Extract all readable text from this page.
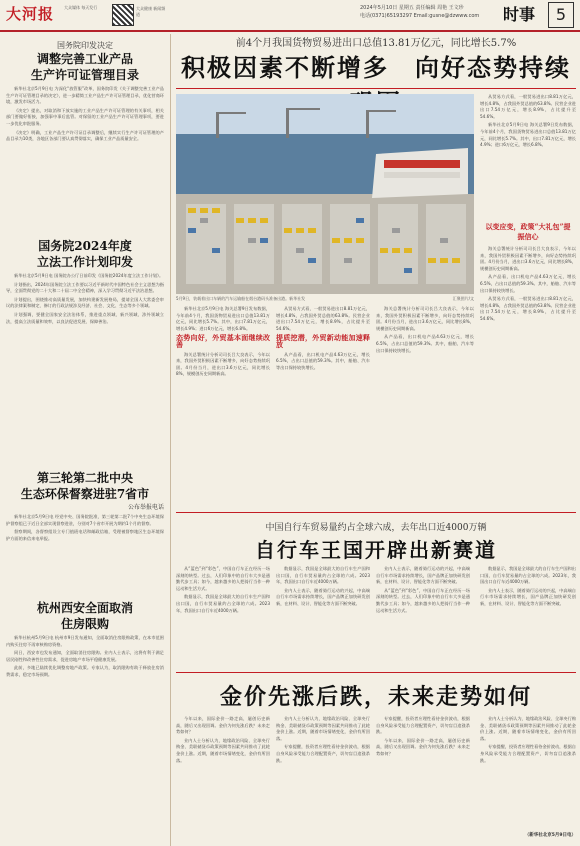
大河报	大众媒体 每天发行	大众健康 新闻频道
2024年5月10日 星期五 责任编辑 周艳 王文珍
电话(0371)65193297 Email:gusne@dzwww.com 时事	5
国务院印发决定
调整完善工业产品
生产许可证管理目录

新华社北京5月9日电 为深化“放管服”改革，国务院印发《关于调整完善工业产品生产许可证管理目录的决定》，进一步精简工业产品生产许可证管理目录，优化营商环境，激发市场活力。

《决定》提出，对取消和下放实施的工业产品生产许可证管理的有关事项，相关部门要做好衔接，加强事中事后监管。对保留的工业产品生产许可证管理事项，要进一步优化审批服务。

《决定》明确，工业产品生产许可证目录调整后，继续实行生产许可证管理的产品目录为10类，各地区各部门要认真贯彻落实，确保工业产品质量安全。

国务院2024年度
立法工作计划印发

新华社北京5月9日电 国务院办公厅日前印发《国务院2024年度立法工作计划》。

计划指出，2024年国务院立法工作要以习近平新时代中国特色社会主义思想为指导，全面贯彻党的二十大和二十届二中全会精神，深入学习贯彻习近平法治思想。

计划提出，围绕推动高质量发展，加快构建新发展格局，提请全国人大常委会审议的法律案和制定、修订的行政法规涉及经济、社会、文化、生态等多个领域。

计划强调，要健全国家安全法治体系，推进重点领域、新兴领域、涉外领域立法，提高立法质量和效率，以良法促进发展、保障善治。

第三轮第二批中央
生态环保督察进驻7省市
公布举报电话

新华社北京5月9日电 经党中央、国务院批准，第三轮第二批7个中央生态环境保护督察组已于近日全部实现督察进驻，分别对7个省市开展为期约1个月的督察。

督察期间，各督察组设立专门值班电话和邮政信箱，受理被督察地区生态环境保护方面的来信来电举报。

杭州西安全面取消
住房限购

新华社杭州5月9日电 杭州市9日发布通知，全面取消住房限购政策，在本市范围内购买住房不再审核购房资格。

同日，西安市也发布通知，全面取消住房限购。业内人士表示，这将有利于满足居民刚性和改善性住房需求，促进房地产市场平稳健康发展。

此前，多地已陆续优化调整房地产政策。专家认为，取消限购有助于释放住房消费需求，稳定市场预期。

前4个月我国货物贸易进出口总值13.81万亿元，同比增长5.7%
积极因素不断增多　向好态势持续
5月9日，装载着出口车辆的汽车运输船在烟台港码头准备出港。新华社发	汇聚图片/文

新华社北京5月9日电 海关总署9日发布数据，今年前4个月，我国货物贸易进出口总值13.81万亿元，同比增长5.7%。其中，出口7.81万亿元，增长4.9%；进口6万亿元，增长6.8%。

态势向好，外贸基本面继续改善

海关总署统计分析司司长吕大良表示，今年以来，我国外贸积极因素不断增多，向好态势持续巩固。4月份当月，进出口3.6万亿元，同比增长8%，规模创历史同期新高。

从贸易方式看，一般贸易进出口8.81万亿元，增长4.8%，占我国外贸总值的63.8%。民营企业进出口7.54万亿元，增长8.9%，占比提升至54.6%。

提质挖潜，外贸新动能加速释放

从产品看，出口机电产品4.63万亿元，增长6.5%，占出口总值的59.3%。其中，船舶、汽车等出口保持较快增长。

海关总署统计分析司司长吕大良表示，今年以来，我国外贸积极因素不断增多，向好态势持续巩固。4月份当月，进出口3.6万亿元，同比增长8%，规模创历史同期新高。

从产品看，出口机电产品4.63万亿元，增长6.5%，占出口总值的59.3%。其中，船舶、汽车等出口保持较快增长。

从贸易方式看，一般贸易进出口8.81万亿元，增长4.8%，占我国外贸总值的63.8%。民营企业进出口7.54万亿元，增长8.9%，占比提升至54.6%。

新华社北京5月9日电 海关总署9日发布数据，今年前4个月，我国货物贸易进出口总值13.81万亿元，同比增长5.7%。其中，出口7.81万亿元，增长4.9%；进口6万亿元，增长6.8%。

以变应变，政策“大礼包”提振信心

海关总署统计分析司司长吕大良表示，今年以来，我国外贸积极因素不断增多，向好态势持续巩固。4月份当月，进出口3.6万亿元，同比增长8%，规模创历史同期新高。

从产品看，出口机电产品4.63万亿元，增长6.5%，占出口总值的59.3%。其中，船舶、汽车等出口保持较快增长。

从贸易方式看，一般贸易进出口8.81万亿元，增长4.8%，占我国外贸总值的63.8%。民营企业进出口7.54万亿元，增长8.9%，占比提升至54.6%。

中国自行车贸易量约占全球六成，去年出口近4000万辆
自行车王国开辟出新赛道

从“蓝色”到“彩色”，中国自行车正在经历一场深刻的转型。过去，人们印象中的自行车大多是通勤代步工具；如今，越来越多的人把骑行当作一种运动和生活方式。

数据显示，我国是全球最大的自行车生产国和出口国，自行车贸易量约占全球的六成。2023年，我国出口自行车近4000万辆。

数据显示，我国是全球最大的自行车生产国和出口国，自行车贸易量约占全球的六成。2023年，我国出口自行车近4000万辆。

业内人士表示，随着骑行运动的兴起，中高端自行车市场需求持续增长，国产品牌正加快研发创新，在材料、设计、智能化等方面不断突破。

业内人士表示，随着骑行运动的兴起，中高端自行车市场需求持续增长，国产品牌正加快研发创新，在材料、设计、智能化等方面不断突破。

从“蓝色”到“彩色”，中国自行车正在经历一场深刻的转型。过去，人们印象中的自行车大多是通勤代步工具；如今，越来越多的人把骑行当作一种运动和生活方式。

数据显示，我国是全球最大的自行车生产国和出口国，自行车贸易量约占全球的六成。2023年，我国出口自行车近4000万辆。

业内人士表示，随着骑行运动的兴起，中高端自行车市场需求持续增长，国产品牌正加快研发创新，在材料、设计、智能化等方面不断突破。

金价先涨后跌，未来走势如何

今年以来，国际金价一路走高，屡创历史新高，随后又出现回调。金价为何先涨后跌？未来走势如何？

业内人士分析认为，地缘政治风险、全球央行购金、美联储货币政策预期等因素共同推动了此轮金价上涨。近期，随着市场情绪变化，金价有所回落。

业内人士分析认为，地缘政治风险、全球央行购金、美联储货币政策预期等因素共同推动了此轮金价上涨。近期，随着市场情绪变化，金价有所回落。

专家提醒，投资者应理性看待金价波动，根据自身风险承受能力合理配置资产，切勿盲目追涨杀跌。

专家提醒，投资者应理性看待金价波动，根据自身风险承受能力合理配置资产，切勿盲目追涨杀跌。

今年以来，国际金价一路走高，屡创历史新高，随后又出现回调。金价为何先涨后跌？未来走势如何？

业内人士分析认为，地缘政治风险、全球央行购金、美联储货币政策预期等因素共同推动了此轮金价上涨。近期，随着市场情绪变化，金价有所回落。

专家提醒，投资者应理性看待金价波动，根据自身风险承受能力合理配置资产，切勿盲目追涨杀跌。

（新华社北京5月9日电）
